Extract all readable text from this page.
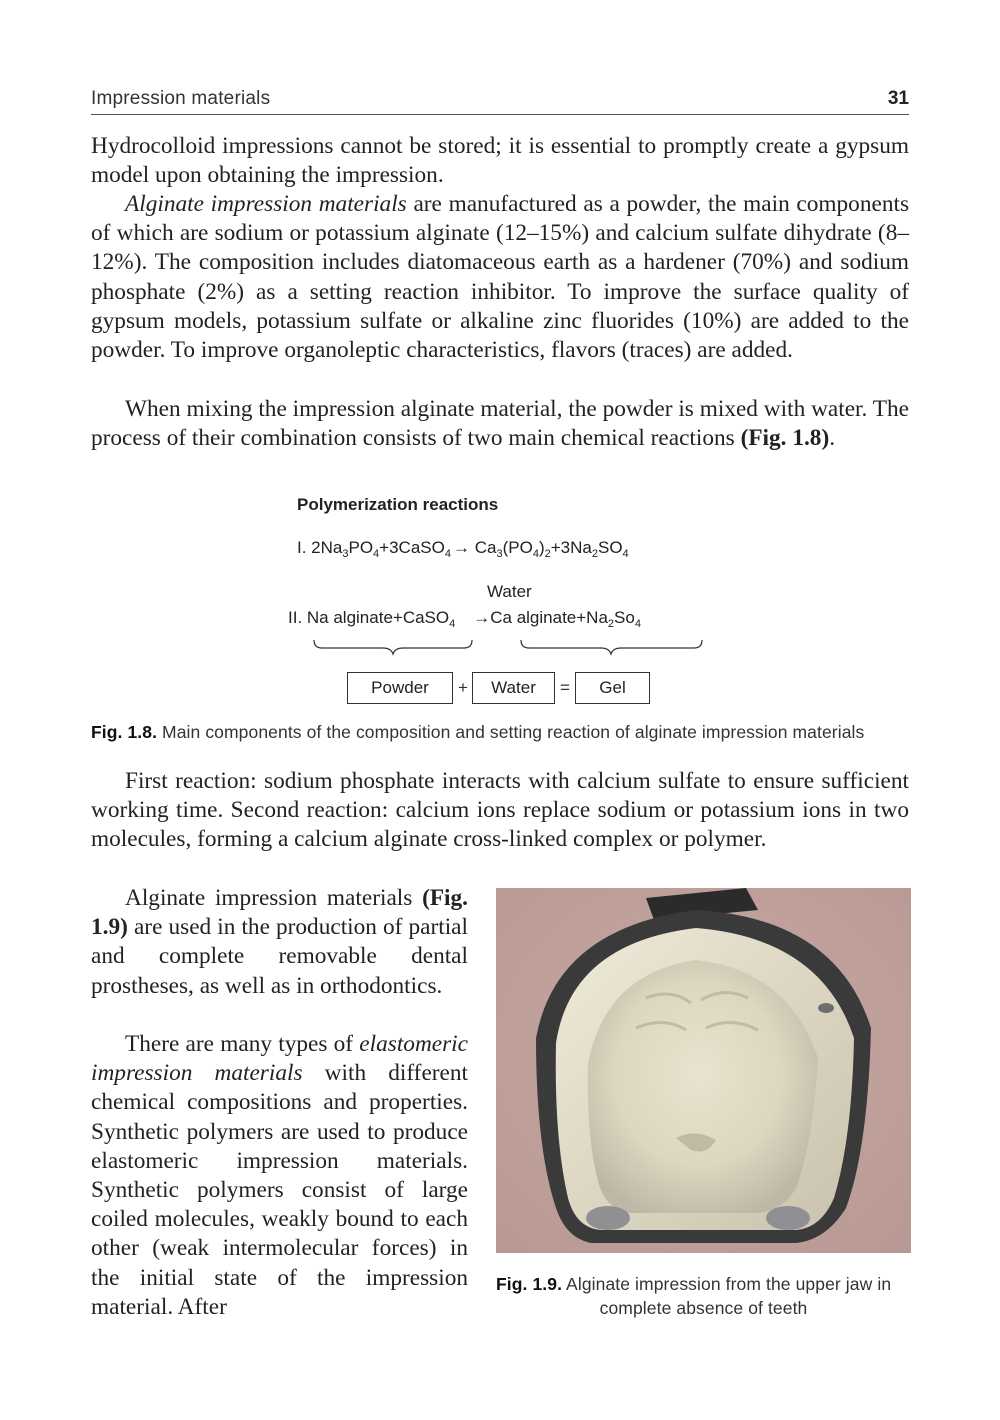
Impression materials	31

Hydrocolloid impressions cannot be stored; it is essential to promptly create a gypsum model upon obtaining the impression.

Alginate impression materials are manufactured as a powder, the main components of which are sodium or potassium alginate (12–15%) and calcium sulfate dihydrate (8–12%). The composition includes diatomaceous earth as a hardener (70%) and sodium phosphate (2%) as a setting reaction inhibitor. To improve the surface quality of gypsum models, potassium sulfate or alkaline zinc fluorides (10%) are added to the powder. To improve organoleptic characteristics, flavors (traces) are added.

When mixing the impression alginate material, the powder is mixed with water. The process of their combination consists of two main chemical reactions (Fig. 1.8).

Polymerization reactions
I. $2Na_3PO_4+3CaSO_4 \to Ca_3(PO_4)_2+3Na_2SO_4$
Water
II. Na alginate+CaSO$_4$ →Ca $alginate+Na_2So_4$
Powder	+	Water	=	Gel
Fig. 1.8. Main components of the composition and setting reaction of alginate impression materials

First reaction: sodium phosphate interacts with calcium sulfate to ensure sufficient working time. Second reaction: calcium ions replace sodium or potassium ions in two molecules, forming a calcium alginate cross-linked complex or polymer.

Alginate impression materials (Fig. 1.9) are used in the production of partial and complete removable dental prostheses, as well as in orthodontics.

There are many types of elastomeric impression materials with different chemical compositions and properties. Synthetic polymers are used to produce elastomeric impression materials. Synthetic polymers consist of large coiled molecules, weakly bound to each other (weak intermolecular forces) in the initial state of the impression material. After

Fig. 1.9. Alginate impression from the upper jaw in
complete absence of teeth
